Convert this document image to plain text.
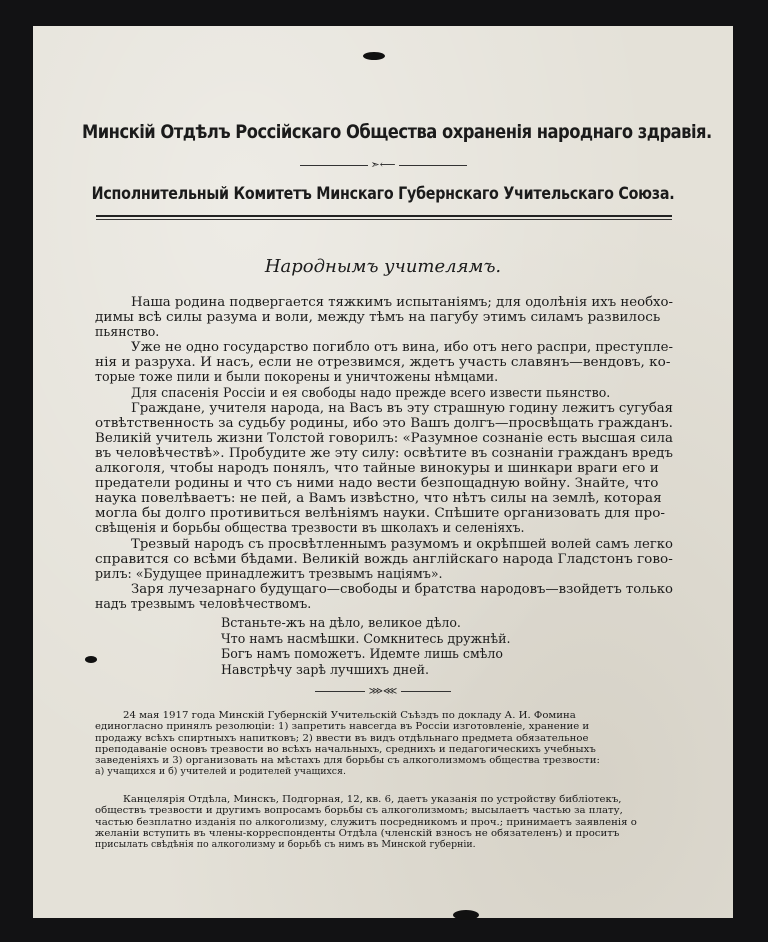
Минскiй Отдѣлъ Россiйскаго Общества охраненiя народнаго здравiя.
➣⟵
Исполнительный Комитетъ Минскаго Губернскаго Учительскаго Союза.
Народнымъ учителямъ.

Наша родина подвергается тяжкимъ испытанiямъ; для одолѣнiя ихъ необхо-
димы всѣ силы разума и воли, между тѣмъ на пагубу этимъ силамъ развилось
пьянство.

Уже не одно государство погибло отъ вина, ибо отъ него раcпри, преступле-
нiя и разруха. И насъ, если не отрезвимся, ждетъ участь славянъ—вендовъ, ко-
торые тоже пили и были покорены и уничтожены нѣмцами.

Для спасенiя Россiи и ея свободы надо прежде всего извести пьянство.

Граждане, учителя народа, на Васъ въ эту страшную годину лежитъ сугубая
отвѣтственность за судьбу родины, ибо это Вашъ долгъ—просвѣщать гражданъ.
Великiй учитель жизни Толстой говорилъ: «Разумное сознанiе есть высшая сила
въ человѣчествѣ». Пробудите же эту силу: освѣтите въ сознанiи гражданъ вредъ
алкоголя, чтобы народъ понялъ, что тайные винокуры и шинкари враги его и
предатели родины и что съ ними надо вести безпощадную войну. Знайте, что
наука повелѣваетъ: не пей, а Вамъ извѣстно, что нѣтъ силы на землѣ, которая
могла бы долго противиться велѣнiямъ науки. Спѣшите организовать для про-
свѣщенiя и борьбы общества трезвости въ школахъ и селенiяхъ.

Трезвый народъ съ просвѣтленнымъ разумомъ и окрѣпшей волей самъ легко
справится со всѣми бѣдами. Великiй вождь англiйскаго народа Гладстонъ гово-
рилъ: «Будущее принадлежитъ трезвымъ нацiямъ».

Заря лучезарнаго будущаго—свободы и братства народовъ—взойдетъ только
надъ трезвымъ человѣчествомъ.

Встаньте-жъ на дѣло, великое дѣло.
Что намъ насмѣшки. Сомкнитесь дружнѣй.
Богъ намъ поможетъ. Идемте лишь смѣло
Навстрѣчу зарѣ лучшихъ дней.
⋙⋘
24 мая 1917 года Минскiй Губернскiй Учительскiй Съѣздъ по докладу А. И. Фомина
единогласно принялъ резолюцiи: 1) запретить навсегда въ Россiи изготовленiе, хранение и
продажу всѣхъ спиртныхъ напитковъ; 2) ввести въ видъ отдѣльнаго предмета обязательное
преподаванiе основъ трезвости во всѣхъ начальныхъ, среднихъ и педагогическихъ учебныхъ
заведенiяхъ и 3) организовать на мѣстахъ для борьбы съ алкоголизмомъ общества трезвости:
а) учащихся и б) учителей и родителей учащихся.
Канцелярiя Отдѣла, Минскъ, Подгорная, 12, кв. 6, даетъ указанiя по устройству библiотекъ,
обществъ трезвости и другимъ вопросамъ борьбы съ алкоголизмомъ; высылаетъ частью за плату,
частью безплатно изданiя по алкоголизму, служитъ посредникомъ и проч.; принимаетъ заявленiя о
желанiи вступить въ члены-корреспонденты Отдѣла (членскiй взносъ не обязателенъ) и проситъ
присылать свѣдѣнiя по алкоголизму и борьбѣ съ нимъ въ Минской губернiи.
